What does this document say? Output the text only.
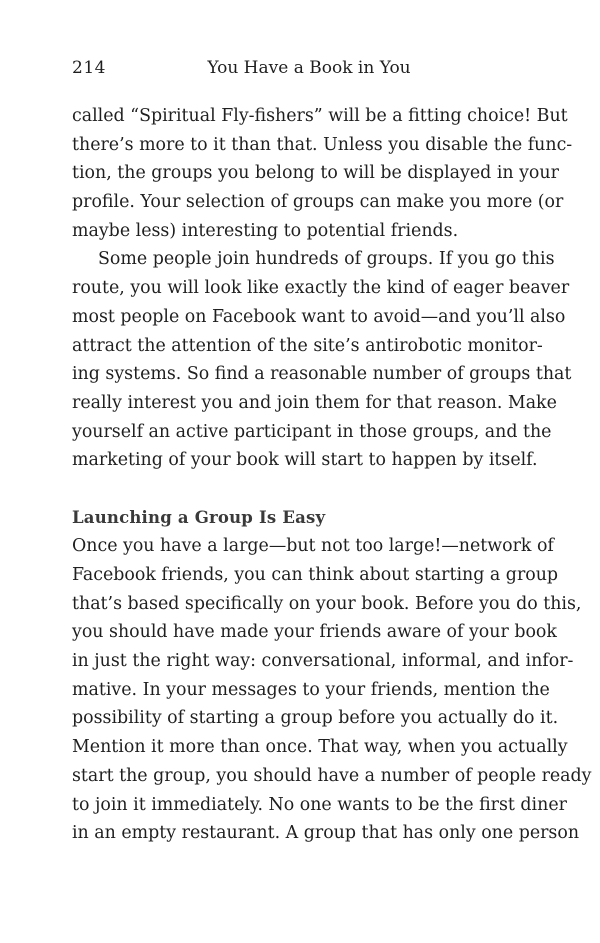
214	You Have a Book in You
called “Spiritual Fly-fishers” will be a fitting choice! But
there’s more to it than that. Unless you disable the func-
tion, the groups you belong to will be displayed in your
profile. Your selection of groups can make you more (or
maybe less) interesting to potential friends.
Some people join hundreds of groups. If you go this
route, you will look like exactly the kind of eager beaver
most people on Facebook want to avoid—and you’ll also
attract the attention of the site’s antirobotic monitor-
ing systems. So find a reasonable number of groups that
really interest you and join them for that reason. Make
yourself an active participant in those groups, and the
marketing of your book will start to happen by itself.
Launching a Group Is Easy
Once you have a large—but not too large!—network of
Facebook friends, you can think about starting a group
that’s based specifically on your book. Before you do this,
you should have made your friends aware of your book
in just the right way: conversational, informal, and infor-
mative. In your messages to your friends, mention the
possibility of starting a group before you actually do it.
Mention it more than once. That way, when you actually
start the group, you should have a number of people ready
to join it immediately. No one wants to be the first diner
in an empty restaurant. A group that has only one person
